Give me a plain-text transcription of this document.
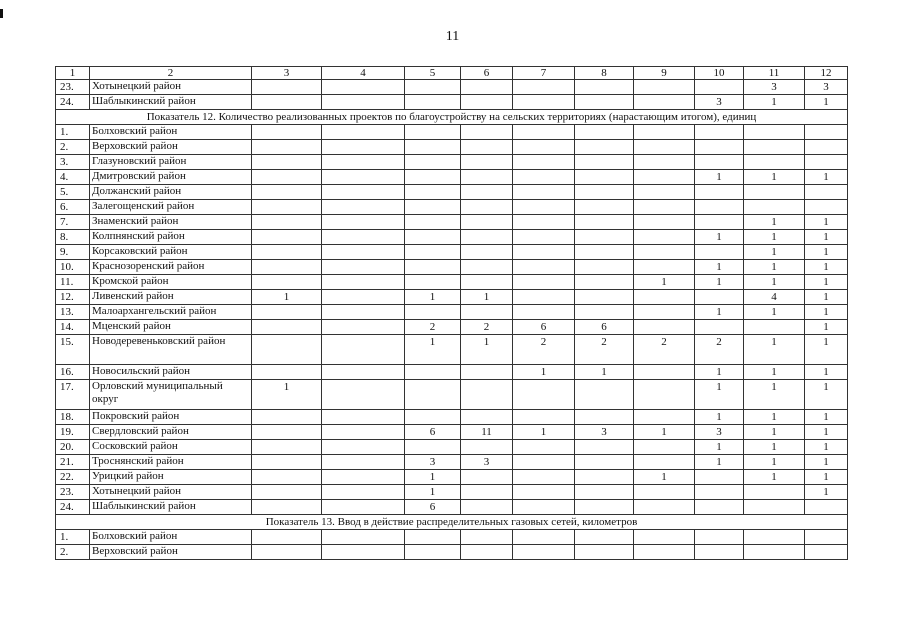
11
1	2	3	4	5	6	7	8	9	10	11	12
23.	Хотынецкий район									3	3
24.	Шаблыкинский район								3	1	1
Показатель 12. Количество реализованных проектов по благоустройству на сельских территориях (нарастающим итогом), единиц											
1.	Болховский район										
2.	Верховский район										
3.	Глазуновский район										
4.	Дмитровский район								1	1	1
5.	Должанский район										
6.	Залегощенский район										
7.	Знаменский район									1	1
8.	Колпнянский район								1	1	1
9.	Корсаковский район									1	1
10.	Краснозоренский район								1	1	1
11.	Кромской район							1	1	1	1
12.	Ливенский район	1		1	1					4	1
13.	Малоархангельский район								1	1	1
14.	Мценский район			2	2	6	6				1
15.	Новодеревеньковский район			1	1	2	2	2	2	1	1
16.	Новосильский район					1	1		1	1	1
17.	Орловский муниципальный округ	1							1	1	1
18.	Покровский район								1	1	1
19.	Свердловский район			6	11	1	3	1	3	1	1
20.	Сосковский район								1	1	1
21.	Троснянский район			3	3				1	1	1
22.	Урицкий район			1				1		1	1
23.	Хотынецкий район			1							1
24.	Шаблыкинский район			6							
Показатель 13. Ввод в действие распределительных газовых сетей, километров											
1.	Болховский район										
2.	Верховский район										
